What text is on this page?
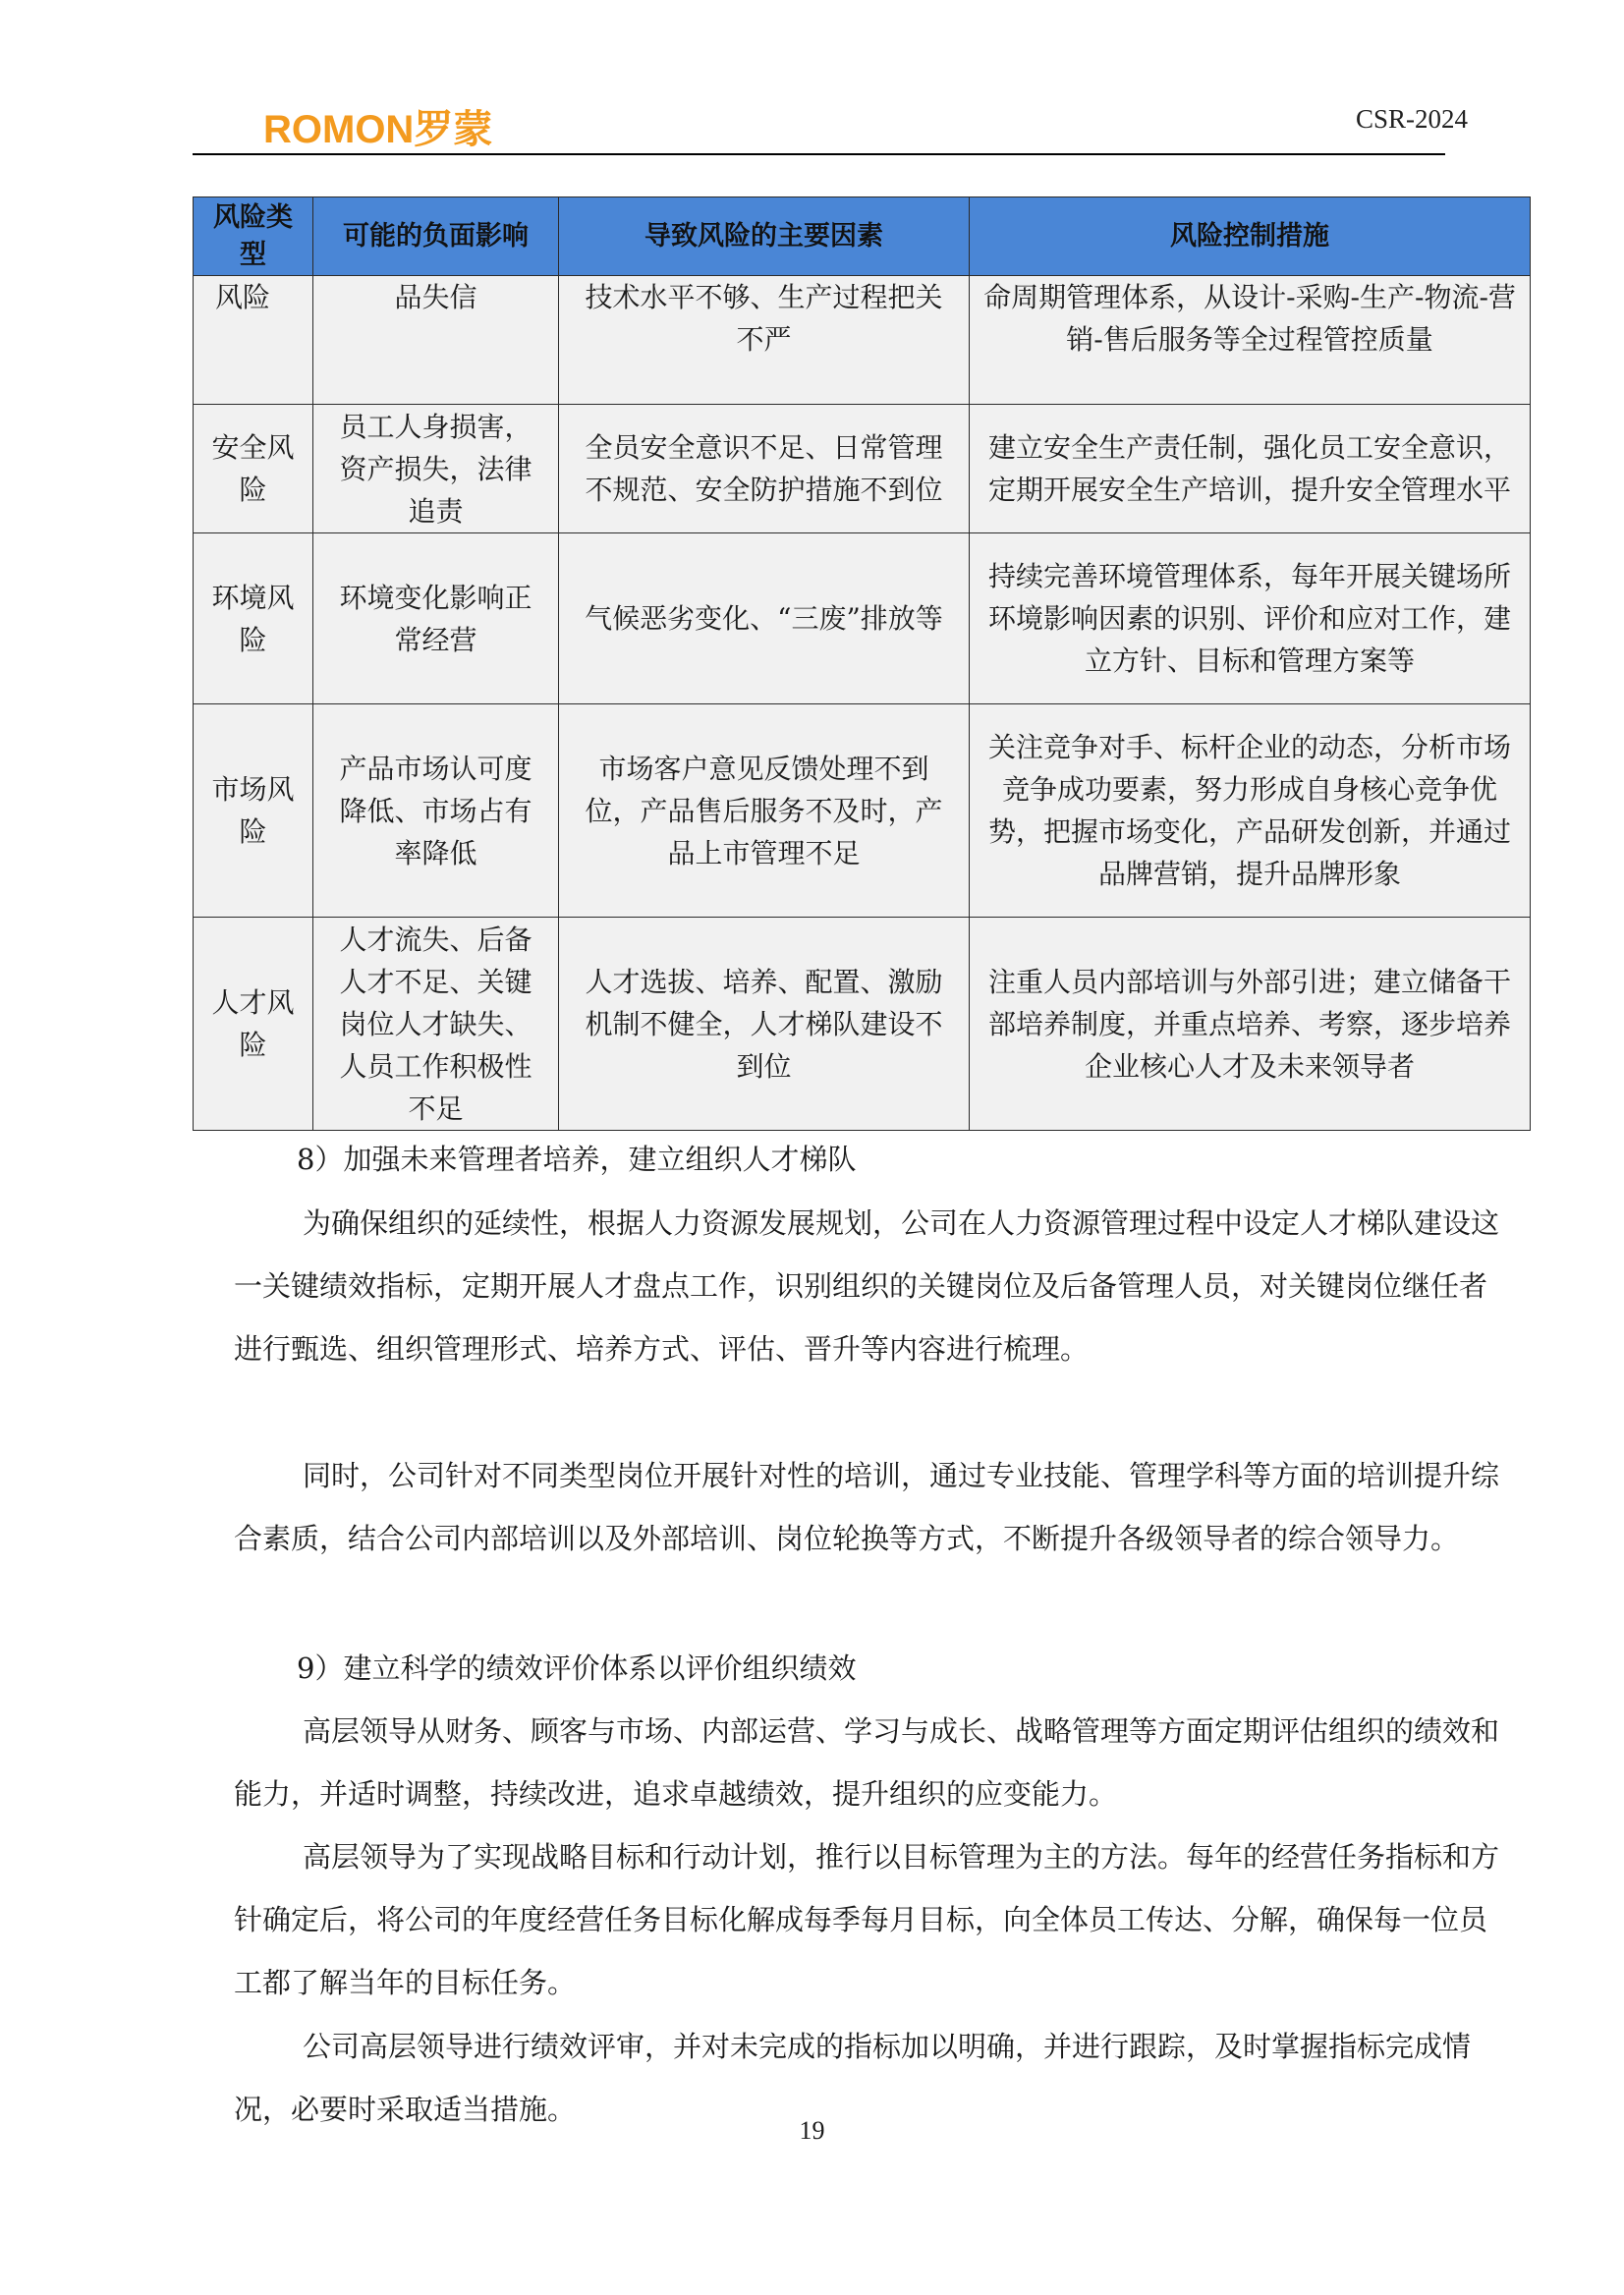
ROMON罗蒙	CSR-2024
风险类型	可能的负面影响	导致风险的主要因素	风险控制措施
风险	品失信	技术水平不够、生产过程把关不严	命周期管理体系，从设计-采购-生产-物流-营销-售后服务等全过程管控质量
安全风险	员工人身损害，资产损失，法律追责	全员安全意识不足、日常管理不规范、安全防护措施不到位	建立安全生产责任制，强化员工安全意识，定期开展安全生产培训，提升安全管理水平
环境风险	环境变化影响正常经营	气候恶劣变化、“三废”排放等	持续完善环境管理体系，每年开展关键场所环境影响因素的识别、评价和应对工作，建立方针、目标和管理方案等
市场风险	产品市场认可度降低、市场占有率降低	市场客户意见反馈处理不到位，产品售后服务不及时，产品上市管理不足	关注竞争对手、标杆企业的动态，分析市场竞争成功要素，努力形成自身核心竞争优势，把握市场变化，产品研发创新，并通过品牌营销，提升品牌形象
人才风险	人才流失、后备人才不足、关键岗位人才缺失、人员工作积极性不足	人才选拔、培养、配置、激励机制不健全，人才梯队建设不到位	注重人员内部培训与外部引进；建立储备干部培养制度，并重点培养、考察，逐步培养企业核心人才及未来领导者

8）加强未来管理者培养，建立组织人才梯队

为确保组织的延续性，根据人力资源发展规划，公司在人力资源管理过程中设定人才梯队建设这一关键绩效指标，定期开展人才盘点工作，识别组织的关键岗位及后备管理人员，对关键岗位继任者进行甄选、组织管理形式、培养方式、评估、晋升等内容进行梳理。

同时，公司针对不同类型岗位开展针对性的培训，通过专业技能、管理学科等方面的培训提升综合素质，结合公司内部培训以及外部培训、岗位轮换等方式，不断提升各级领导者的综合领导力。

9）建立科学的绩效评价体系以评价组织绩效

高层领导从财务、顾客与市场、内部运营、学习与成长、战略管理等方面定期评估组织的绩效和能力，并适时调整，持续改进，追求卓越绩效，提升组织的应变能力。

高层领导为了实现战略目标和行动计划，推行以目标管理为主的方法。每年的经营任务指标和方针确定后，将公司的年度经营任务目标化解成每季每月目标，向全体员工传达、分解，确保每一位员工都了解当年的目标任务。

公司高层领导进行绩效评审，并对未完成的指标加以明确，并进行跟踪，及时掌握指标完成情况，必要时采取适当措施。

19
